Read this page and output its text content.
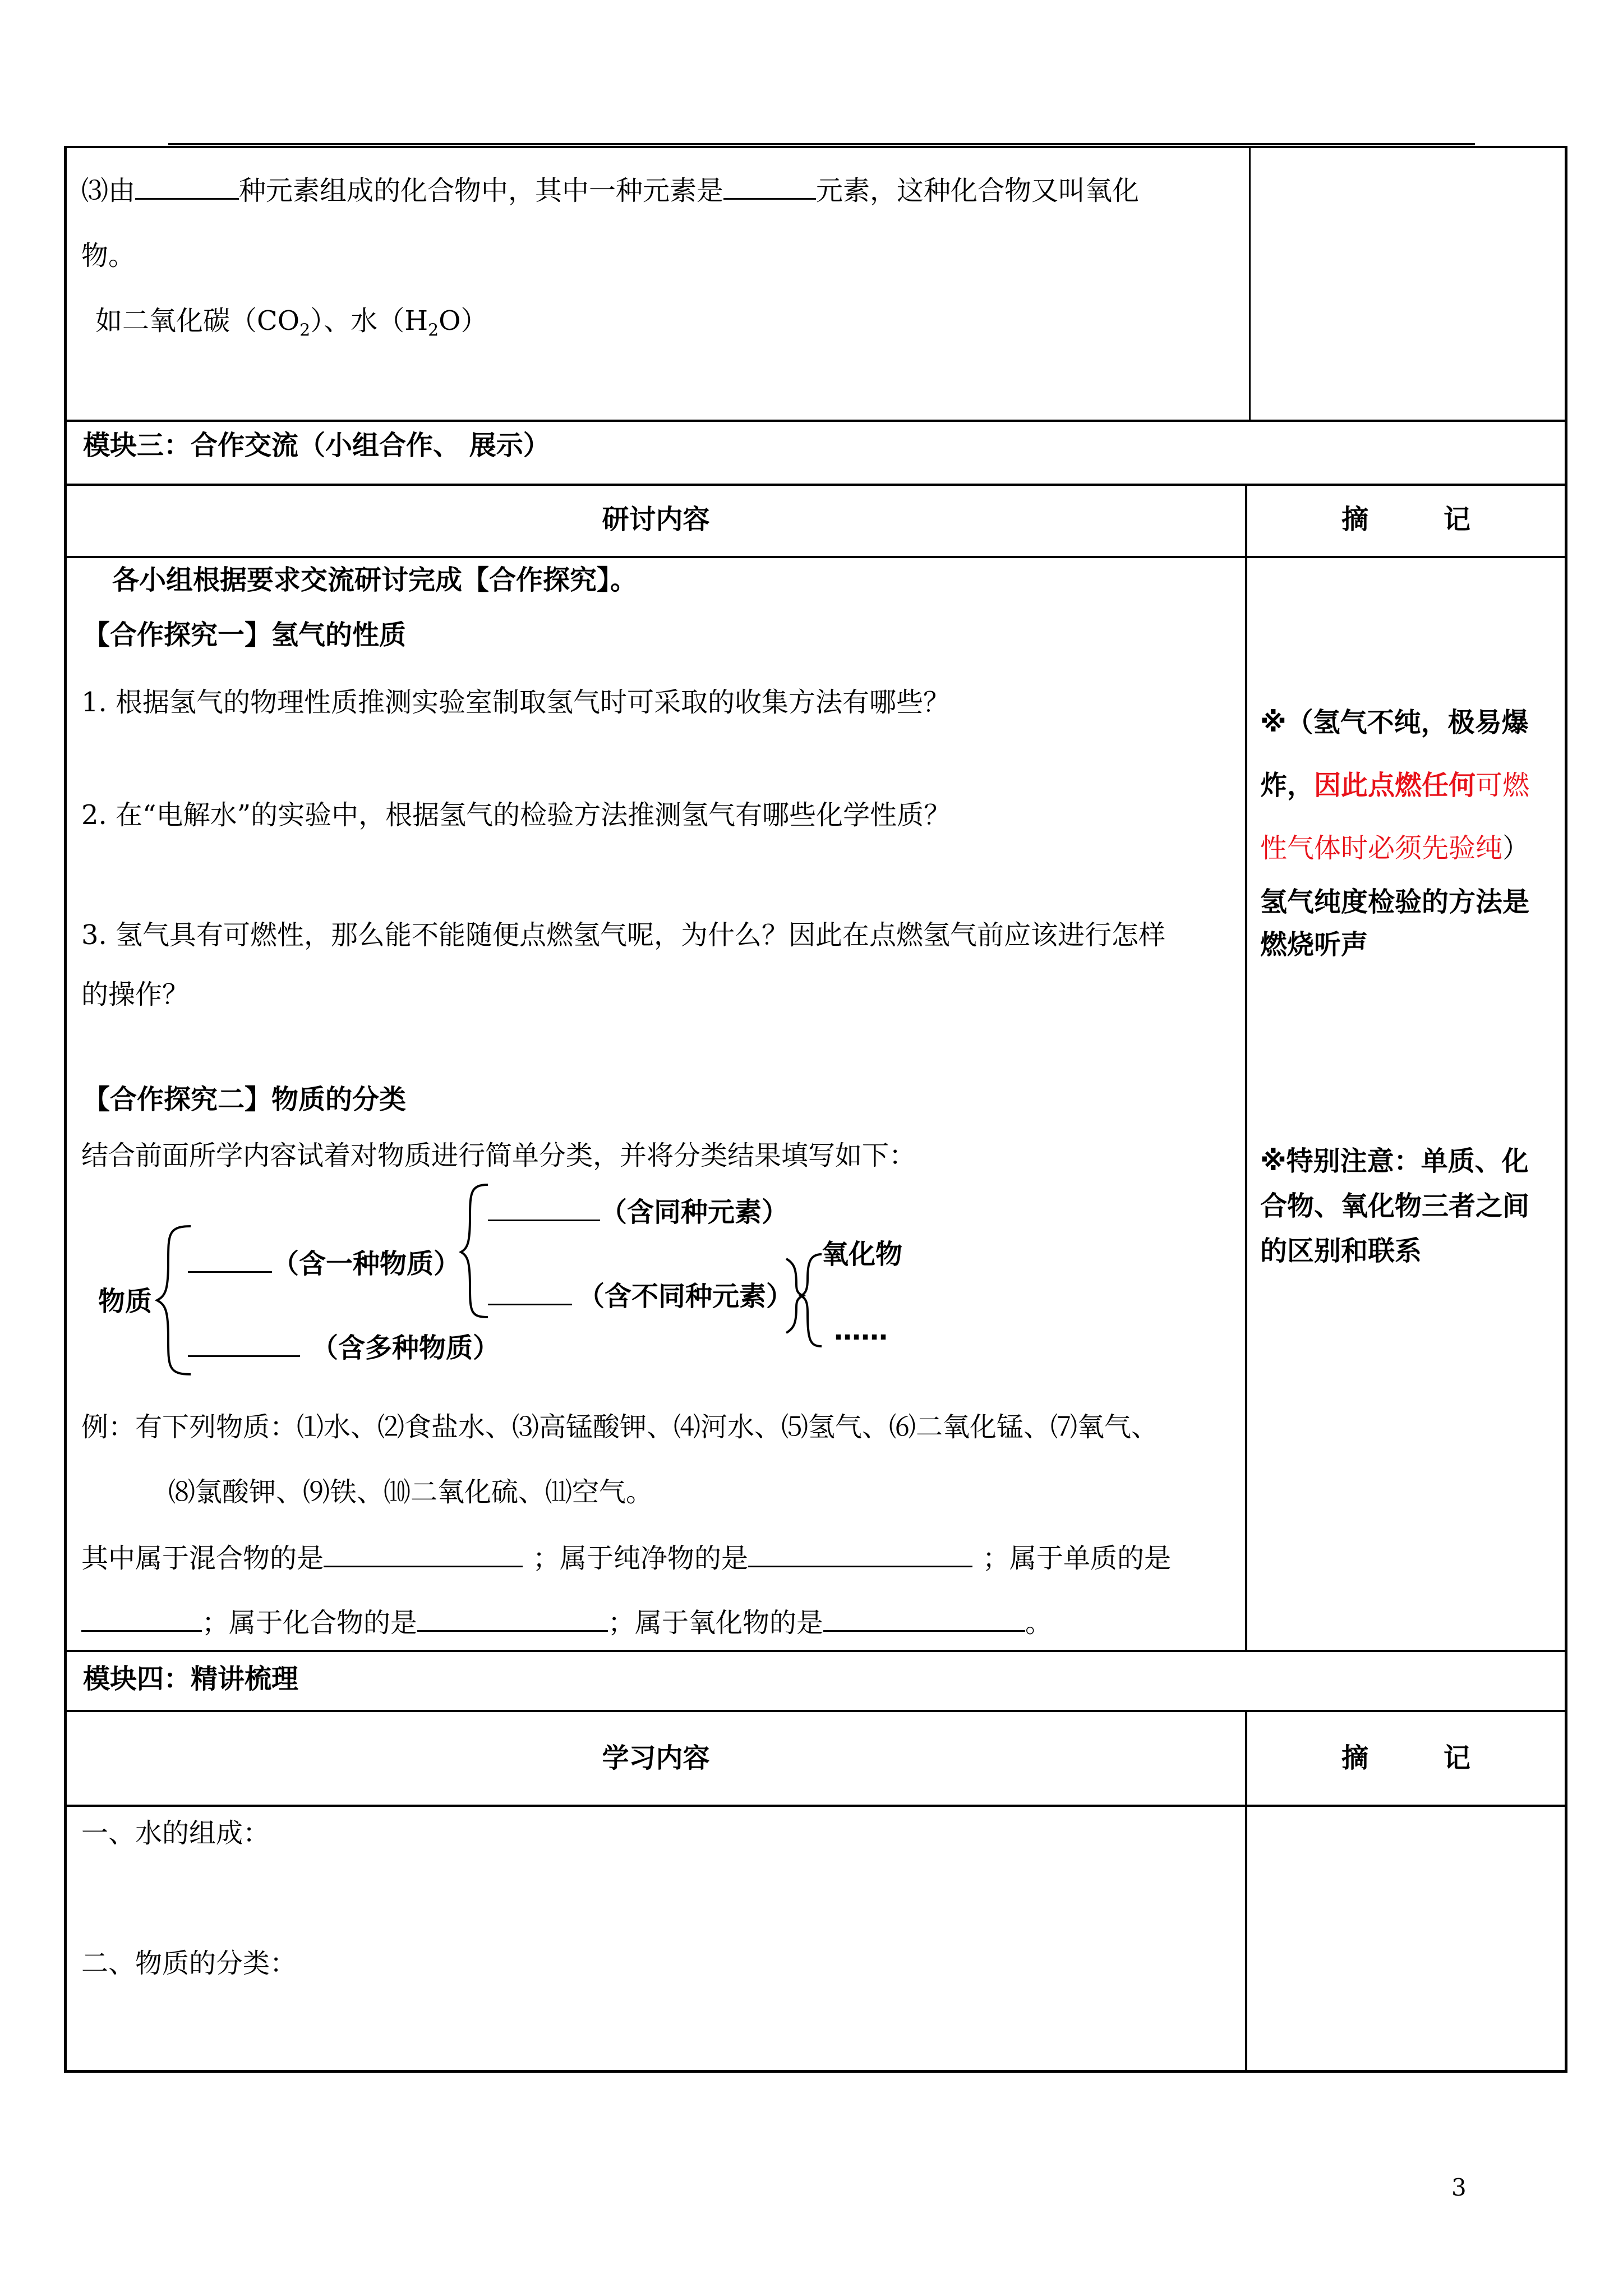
⑶由	种元素组成的化合物中，其中一种元素是	元素，这种化合物又叫氧化
物。
如二氧化碳$(CO_2)$、水$(H_2O)$
模块三：合作交流（小组合作、 展示）
研讨内容	摘        记
各小组根据要求交流研讨完成【合作探究】。
【合作探究一】氢气的性质
1. 根据氢气的物理性质推测实验室制取氢气时可采取的收集方法有哪些？
2. 在“电解水”的实验中，根据氢气的检验方法推测氢气有哪些化学性质？
3. 氢气具有可燃性，那么能不能随便点燃氢气呢，为什么？因此在点燃氢气前应该进行怎样
的操作？
【合作探究二】物质的分类
结合前面所学内容试着对物质进行简单分类，并将分类结果填写如下：
物质
（含一种物质）
（含多种物质）
（含同种元素）
（含不同种元素）
氧化物
……
例：有下列物质：⑴水、⑵食盐水、⑶高锰酸钾、⑷河水、⑸氢气、⑹二氧化锰、⑺氧气、
⑻氯酸钾、⑼铁、⑽二氧化硫、⑾空气。
其中属于混合物的是	；属于纯净物的是	；属于单质的是
；属于化合物的是	；属于氧化物的是	。
※（氢气不纯，极易爆
炸，因此点燃任何可燃
性气体时必须先验纯）
氢气纯度检验的方法是
燃烧听声
※特别注意：单质、化
合物、氧化物三者之间
的区别和联系
模块四：精讲梳理
学习内容	摘        记
一、水的组成：
二、物质的分类：
3
